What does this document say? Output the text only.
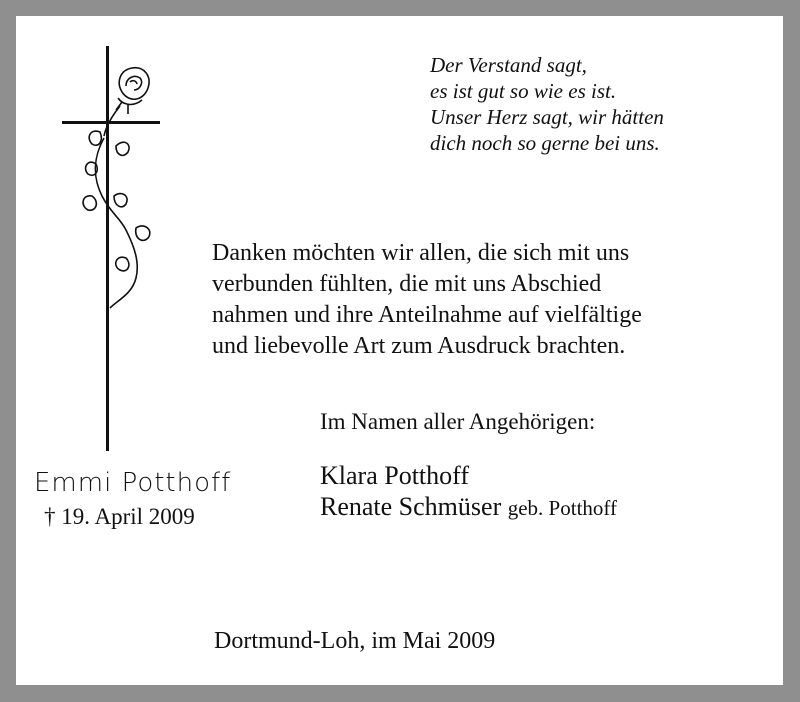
Der Verstand sagt,
es ist gut so wie es ist.
Unser Herz sagt, wir hätten
dich noch so gerne bei uns.
Danken möchten wir allen, die sich mit uns
verbunden fühlten, die mit uns Abschied
nahmen und ihre Anteilnahme auf vielfältige
und liebevolle Art zum Ausdruck brachten.
Im Namen aller Angehörigen:
Klara Potthoff
Renate Schmüser geb. Potthoff
Emmi Potthoff
† 19. April 2009
Dortmund-Loh, im Mai 2009
